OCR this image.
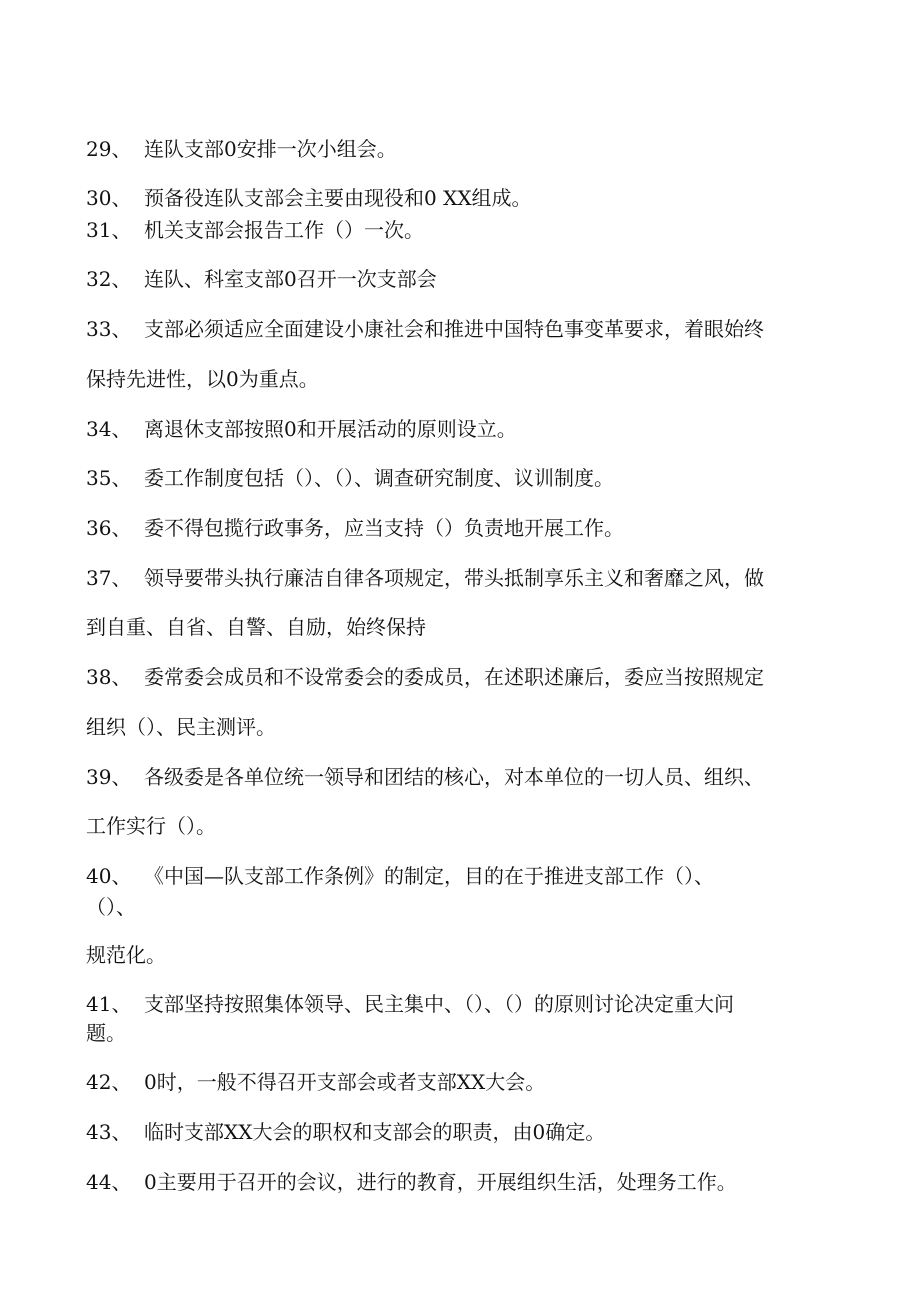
29、 连队支部0安排一次小组会。
30、 预备役连队支部会主要由现役和0 XX组成。
31、 机关支部会报告工作（）一次。
32、 连队、科室支部0召开一次支部会
33、 支部必须适应全面建设小康社会和推进中国特色事变革要求，着眼始终
保持先进性，以0为重点。
34、 离退休支部按照0和开展活动的原则设立。
35、 委工作制度包括（）、（）、调查研究制度、议训制度。
36、 委不得包揽行政事务，应当支持（）负责地开展工作。
37、 领导要带头执行廉洁自律各项规定，带头抵制享乐主义和奢靡之风，做
到自重、自省、自警、自励，始终保持
38、 委常委会成员和不设常委会的委成员，在述职述廉后，委应当按照规定
组织（）、民主测评。
39、 各级委是各单位统一领导和团结的核心，对本单位的一切人员、组织、
工作实行（）。
40、 《中国—队支部工作条例》的制定，目的在于推进支部工作（）、
（）、
规范化。
41、 支部坚持按照集体领导、民主集中、（）、（）的原则讨论决定重大问
题。
42、 0时，一般不得召开支部会或者支部XX大会。
43、 临时支部XX大会的职权和支部会的职责，由0确定。
44、 0主要用于召开的会议，进行的教育，开展组织生活，处理务工作。
